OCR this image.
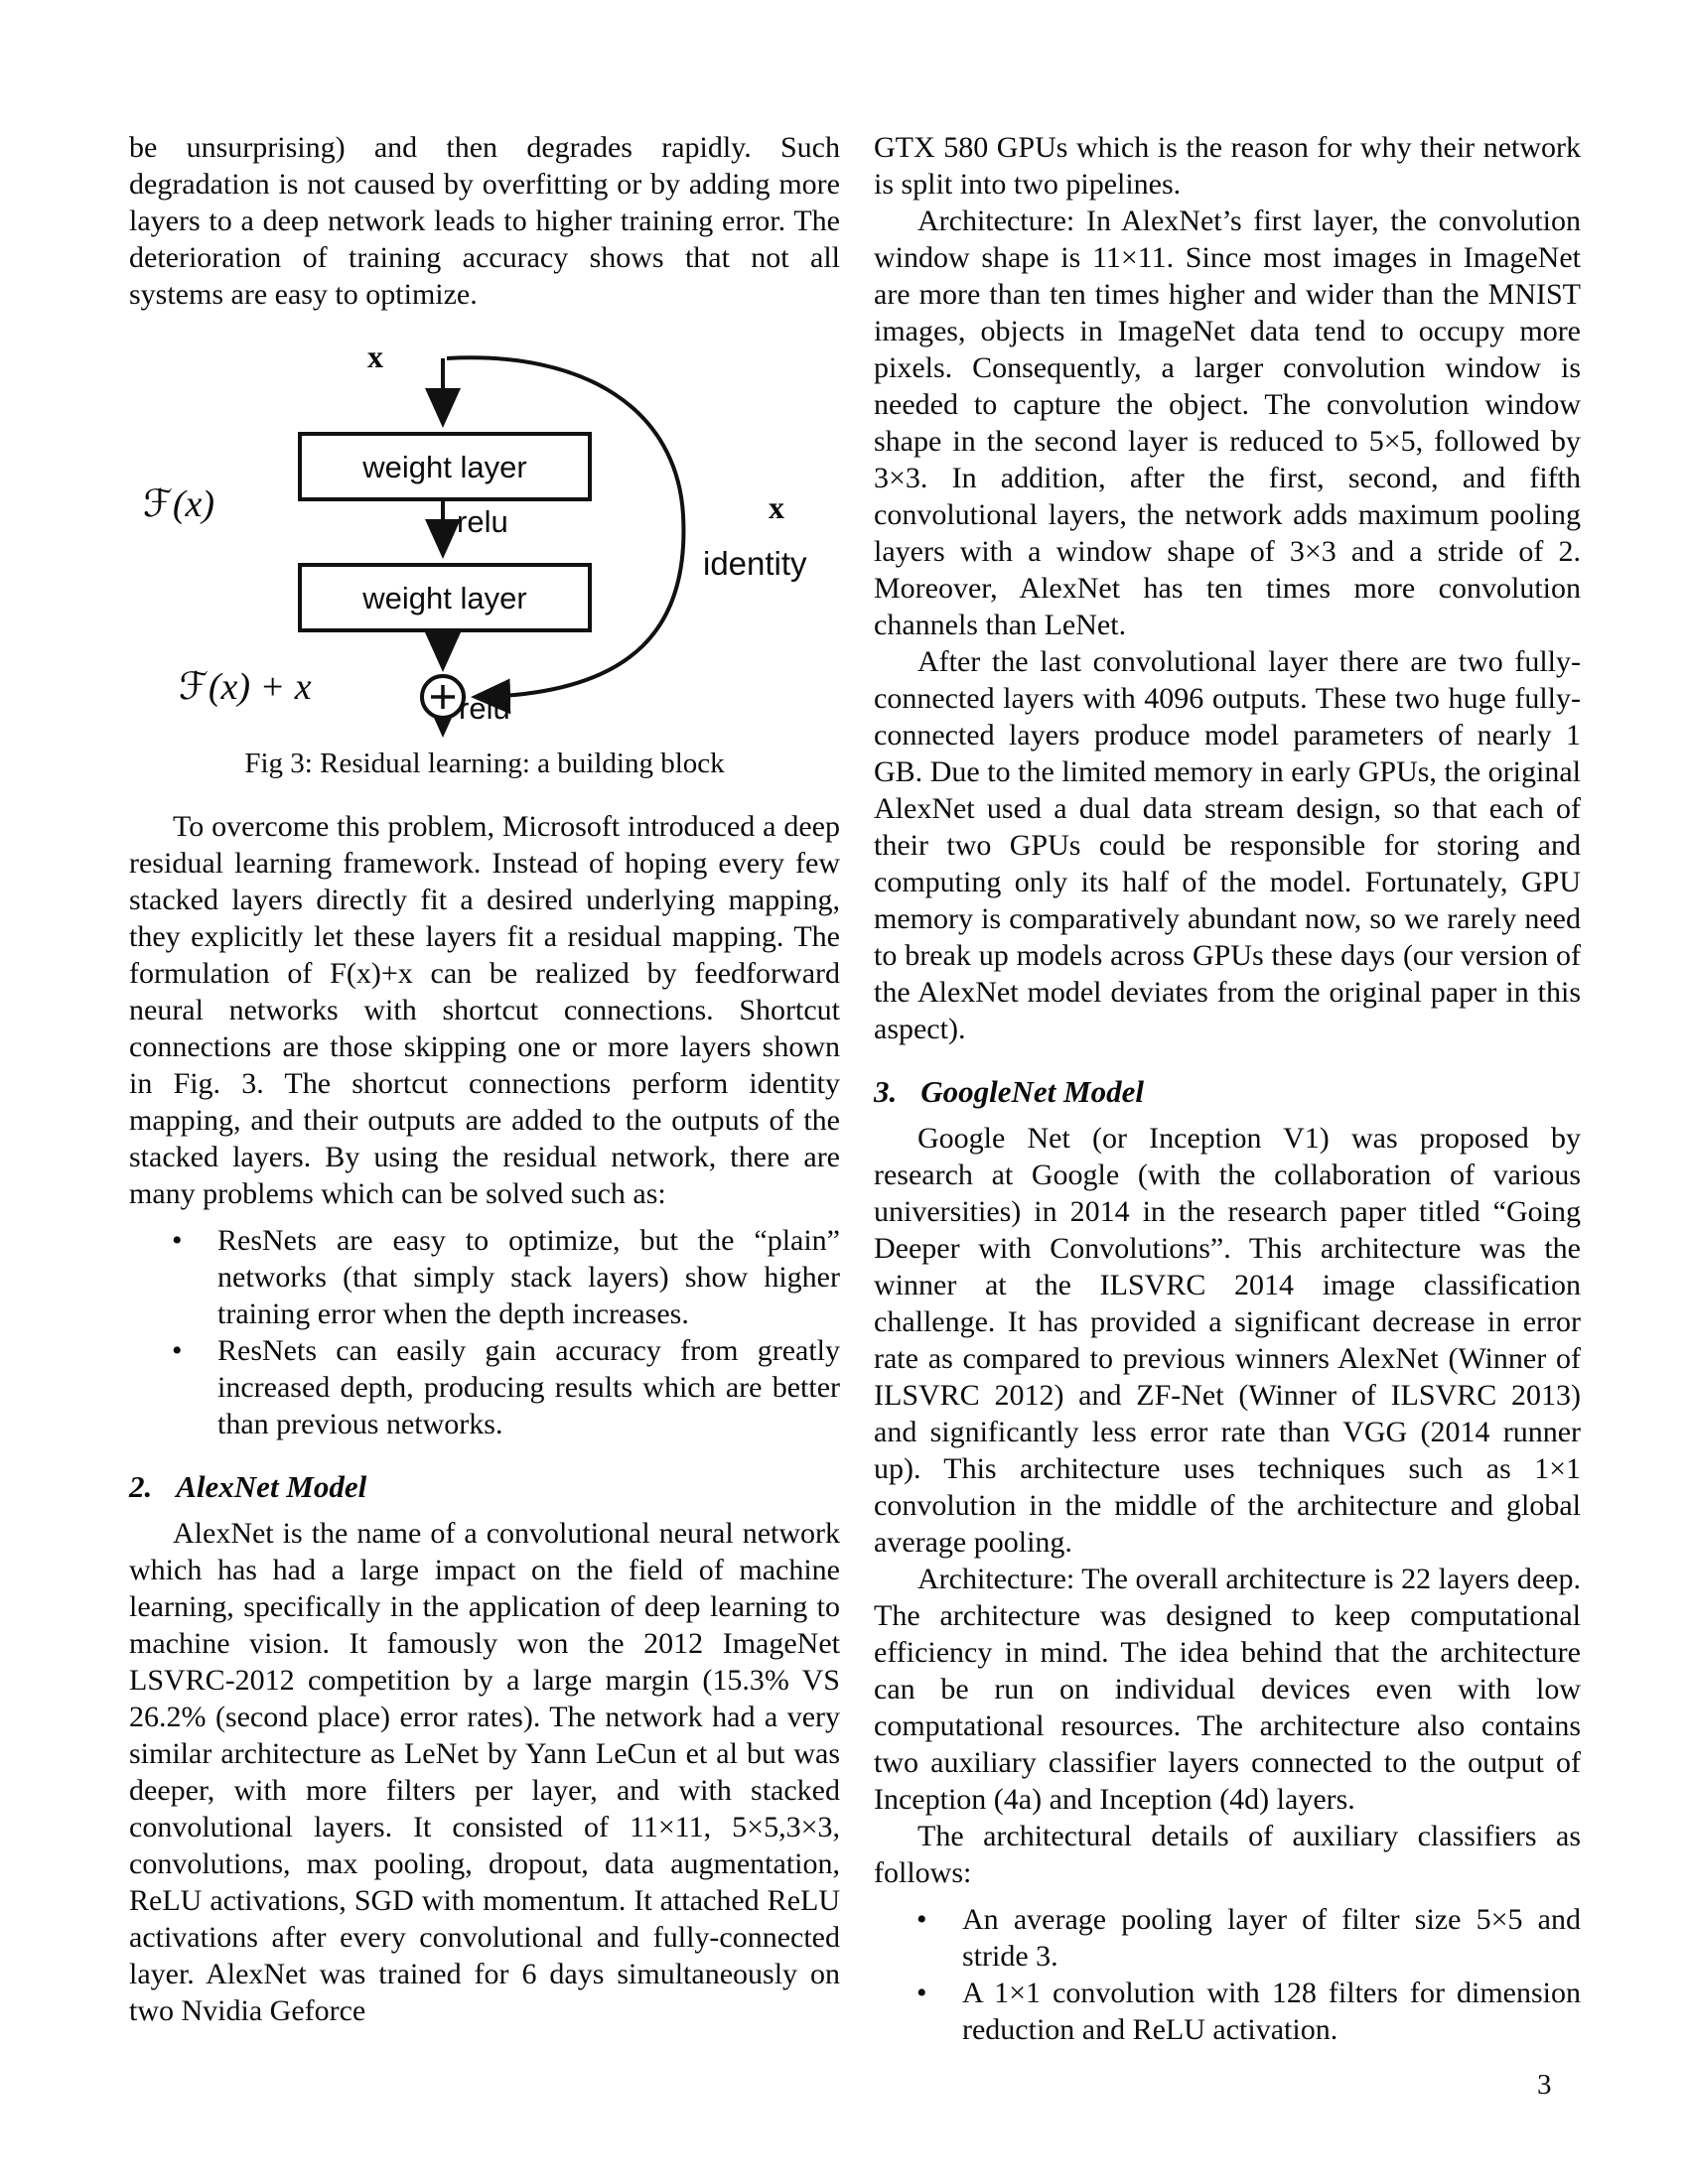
be unsurprising) and then degrades rapidly. Such degradation is not caused by overfitting or by adding more layers to a deep network leads to higher training error. The deterioration of training accuracy shows that not all systems are easy to optimize.

x
weight layer
relu
weight layer
ℱ(x)
ℱ(x) + x
x
identity
relu

Fig 3: Residual learning: a building block

To overcome this problem, Microsoft introduced a deep residual learning framework. Instead of hoping every few stacked layers directly fit a desired underlying mapping, they explicitly let these layers fit a residual mapping. The formulation of F(x)+x can be realized by feedforward neural networks with shortcut connections. Shortcut connections are those skipping one or more layers shown in Fig. 3. The shortcut connections perform identity mapping, and their outputs are added to the outputs of the stacked layers. By using the residual network, there are many problems which can be solved such as:

• ResNets are easy to optimize, but the “plain” networks (that simply stack layers) show higher training error when the depth increases.
• ResNets can easily gain accuracy from greatly increased depth, producing results which are better than previous networks.
2. AlexNet Model

AlexNet is the name of a convolutional neural network which has had a large impact on the field of machine learning, specifically in the application of deep learning to machine vision. It famously won the 2012 ImageNet LSVRC-2012 competition by a large margin (15.3% VS 26.2% (second place) error rates). The network had a very similar architecture as LeNet by Yann LeCun et al but was deeper, with more filters per layer, and with stacked convolutional layers. It consisted of 11×11, 5×5,3×3, convolutions, max pooling, dropout, data augmentation, ReLU activations, SGD with momentum. It attached ReLU activations after every convolutional and fully-connected layer. AlexNet was trained for 6 days simultaneously on two Nvidia Geforce

GTX 580 GPUs which is the reason for why their network is split into two pipelines.

Architecture: In AlexNet’s first layer, the convolution window shape is 11×11. Since most images in ImageNet are more than ten times higher and wider than the MNIST images, objects in ImageNet data tend to occupy more pixels. Consequently, a larger convolution window is needed to capture the object. The convolution window shape in the second layer is reduced to 5×5, followed by 3×3. In addition, after the first, second, and fifth convolutional layers, the network adds maximum pooling layers with a window shape of 3×3 and a stride of 2. Moreover, AlexNet has ten times more convolution channels than LeNet.

After the last convolutional layer there are two fully-connected layers with 4096 outputs. These two huge fully-connected layers produce model parameters of nearly 1 GB. Due to the limited memory in early GPUs, the original AlexNet used a dual data stream design, so that each of their two GPUs could be responsible for storing and computing only its half of the model. Fortunately, GPU memory is comparatively abundant now, so we rarely need to break up models across GPUs these days (our version of the AlexNet model deviates from the original paper in this aspect).

3. GoogleNet Model

Google Net (or Inception V1) was proposed by research at Google (with the collaboration of various universities) in 2014 in the research paper titled “Going Deeper with Convolutions”. This architecture was the winner at the ILSVRC 2014 image classification challenge. It has provided a significant decrease in error rate as compared to previous winners AlexNet (Winner of ILSVRC 2012) and ZF-Net (Winner of ILSVRC 2013) and significantly less error rate than VGG (2014 runner up). This architecture uses techniques such as 1×1 convolution in the middle of the architecture and global average pooling.

Architecture: The overall architecture is 22 layers deep. The architecture was designed to keep computational efficiency in mind. The idea behind that the architecture can be run on individual devices even with low computational resources. The architecture also contains two auxiliary classifier layers connected to the output of Inception (4a) and Inception (4d) layers.

The architectural details of auxiliary classifiers as follows:

• An average pooling layer of filter size 5×5 and stride 3.
• A 1×1 convolution with 128 filters for dimension reduction and ReLU activation.
3
